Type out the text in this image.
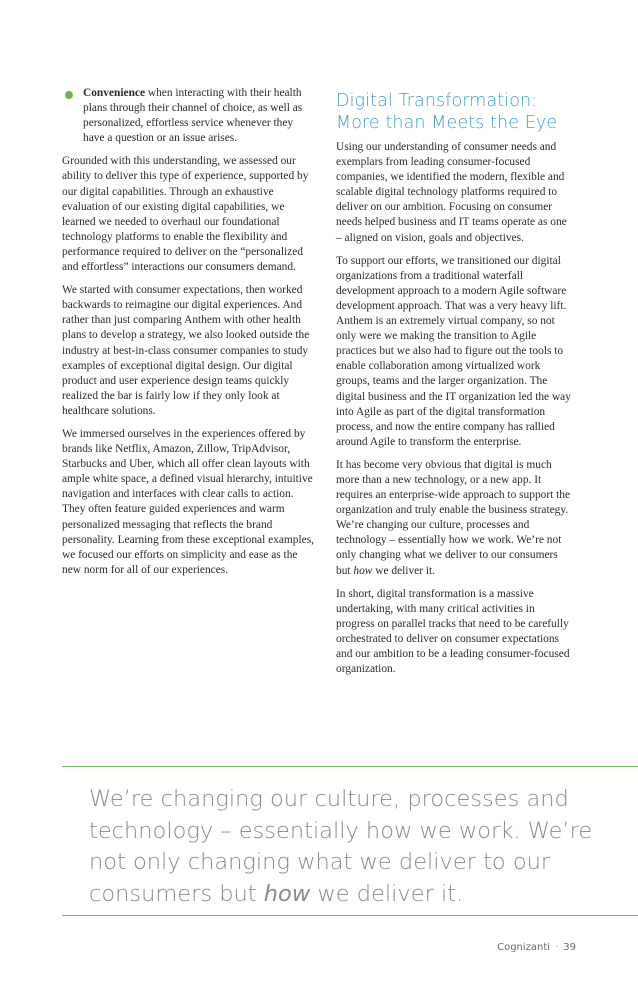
Convenience when interacting with their health plans through their channel of choice, as well as personalized, effortless service whenever they have a question or an issue arises.

Grounded with this understanding, we assessed our ability to deliver this type of experience, supported by our digital capabilities. Through an exhaustive evaluation of our existing digital capabilities, we learned we needed to overhaul our foundational technology platforms to enable the flexibility and performance required to deliver on the “personalized and effortless” interactions our consumers demand.

We started with consumer expectations, then worked backwards to reimagine our digital experiences. And rather than just comparing Anthem with other health plans to develop a strategy, we also looked outside the industry at best-in-class consumer companies to study examples of exceptional digital design. Our digital product and user experience design teams quickly realized the bar is fairly low if they only look at healthcare solutions.

We immersed ourselves in the experiences offered by brands like Netflix, Amazon, Zillow, TripAdvisor, Starbucks and Uber, which all offer clean layouts with ample white space, a defined visual hierarchy, intuitive navigation and interfaces with clear calls to action. They often feature guided experiences and warm personalized messaging that reflects the brand personality. Learning from these exceptional examples, we focused our efforts on simplicity and ease as the new norm for all of our experiences.

Digital Transformation:
More than Meets the Eye

Using our understanding of consumer needs and exemplars from leading consumer-focused companies, we identified the modern, flexible and scalable digital technology platforms required to deliver on our ambition. Focusing on consumer needs helped business and IT teams operate as one – aligned on vision, goals and objectives.

To support our efforts, we transitioned our digital organizations from a traditional waterfall development approach to a modern Agile software development approach. That was a very heavy lift. Anthem is an extremely virtual company, so not only were we making the transition to Agile practices but we also had to figure out the tools to enable collaboration among virtualized work groups, teams and the larger organization. The digital business and the IT organization led the way into Agile as part of the digital transformation process, and now the entire company has rallied around Agile to transform the enterprise.

It has become very obvious that digital is much more than a new technology, or a new app. It requires an enterprise-wide approach to support the organization and truly enable the business strategy. We’re changing our culture, processes and technology – essentially how we work. We’re not only changing what we deliver to our consumers but how we deliver it.

In short, digital transformation is a massive undertaking, with many critical activities in progress on parallel tracks that need to be carefully orchestrated to deliver on consumer expectations and our ambition to be a leading consumer-focused organization.

We’re changing our culture, processes and technology – essentially how we work. We’re not only changing what we deliver to our consumers but how we deliver it.
Cognizanti · 39
